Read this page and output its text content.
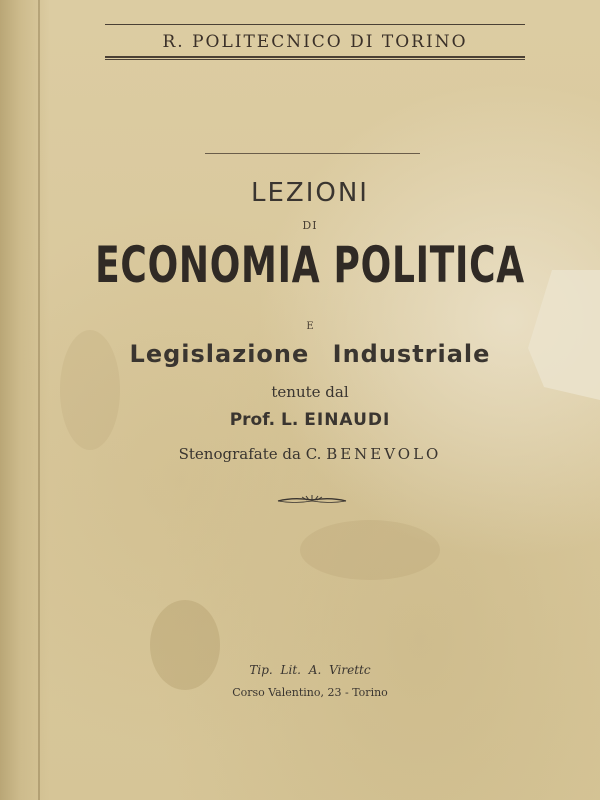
R. POLITECNICO DI TORINO
LEZIONI
DI
ECONOMIA POLITICA
E
Legislazione Industriale
tenute dal
Prof. L. EINAUDI
Stenografate da C. BENEVOLO
Tip. Lit. A. Virettc
Corso Valentino, 23 - Torino
